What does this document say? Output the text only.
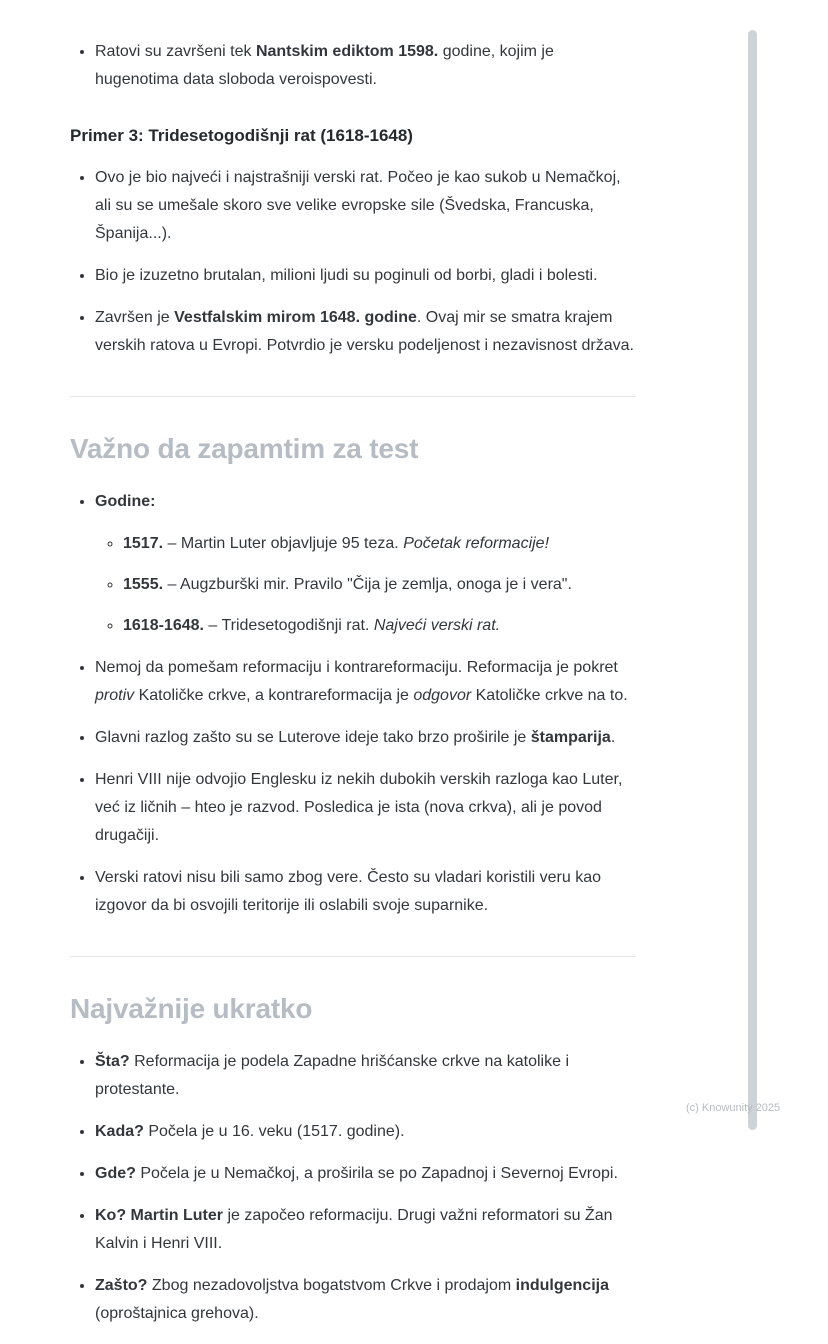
• Ratovi su završeni tek Nantskim ediktom 1598. godine, kojim je hugenotima data sloboda veroispovesti.
Primer 3: Tridesetogodišnji rat (1618-1648)
• Ovo je bio najveći i najstrašniji verski rat. Počeo je kao sukob u Nemačkoj, ali su se umešale skoro sve velike evropske sile (Švedska, Francuska, Španija...).
• Bio je izuzetno brutalan, milioni ljudi su poginuli od borbi, gladi i bolesti.
• Završen je Vestfalskim mirom 1648. godine. Ovaj mir se smatra krajem verskih ratova u Evropi. Potvrdio je versku podeljenost i nezavisnost država.
Važno da zapamtim za test
• Godine:
◦ 1517. – Martin Luter objavljuje 95 teza. Početak reformacije!
◦ 1555. – Augzburški mir. Pravilo "Čija je zemlja, onoga je i vera".
◦ 1618-1648. – Tridesetogodišnji rat. Najveći verski rat.
• Nemoj da pomešam reformaciju i kontrareformaciju. Reformacija je pokret protiv Katoličke crkve, a kontrareformacija je odgovor Katoličke crkve na to.
• Glavni razlog zašto su se Luterove ideje tako brzo proširile je štamparija.
• Henri VIII nije odvojio Englesku iz nekih dubokih verskih razloga kao Luter, već iz ličnih – hteo je razvod. Posledica je ista (nova crkva), ali je povod drugačiji.
• Verski ratovi nisu bili samo zbog vere. Često su vladari koristili veru kao izgovor da bi osvojili teritorije ili oslabili svoje suparnike.
Najvažnije ukratko
• Šta? Reformacija je podela Zapadne hrišćanske crkve na katolike i protestante.
• Kada? Počela je u 16. veku (1517. godine).
• Gde? Počela je u Nemačkoj, a proširila se po Zapadnoj i Severnoj Evropi.
• Ko? Martin Luter je započeo reformaciju. Drugi važni reformatori su Žan Kalvin i Henri VIII.
• Zašto? Zbog nezadovoljstva bogatstvom Crkve i prodajom indulgencija (oproštajnica grehova).
(c) Knowunity 2025
